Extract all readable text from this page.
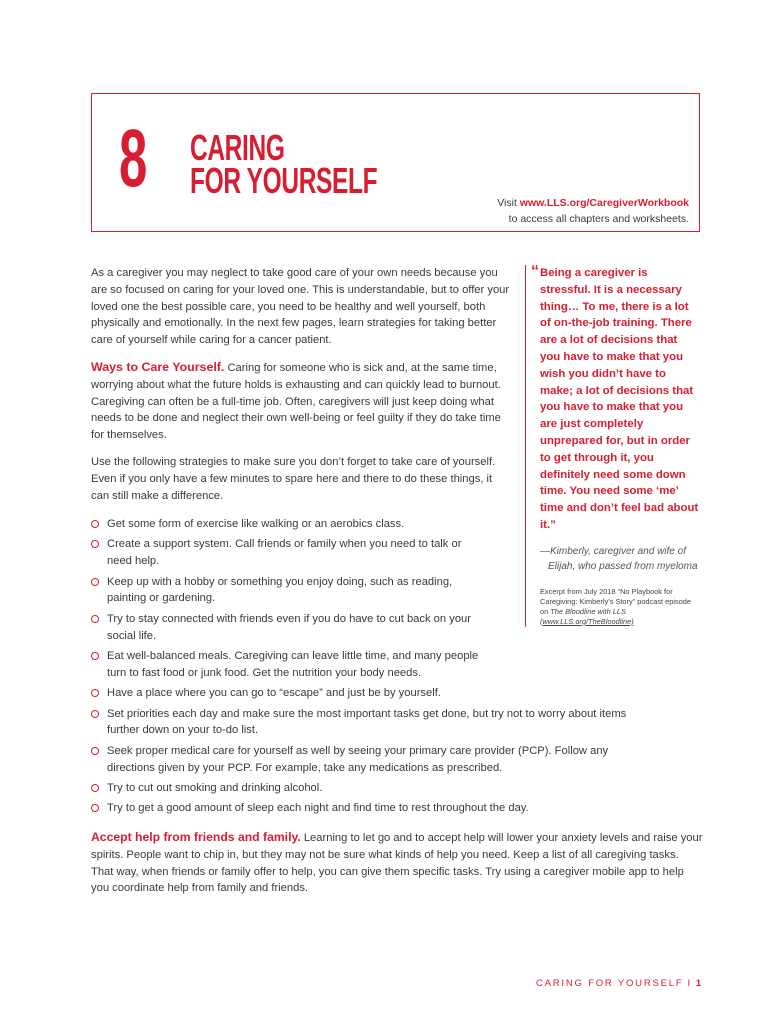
8 CARING
FOR YOURSELF
Visit www.LLS.org/CaregiverWorkbook
to access all chapters and worksheets.

As a caregiver you may neglect to take good care of your own needs because you are so focused on caring for your loved one. This is understandable, but to offer your loved one the best possible care, you need to be healthy and well yourself, both physically and emotionally. In the next few pages, learn strategies for taking better care of yourself while caring for a cancer patient.

Ways to Care Yourself. Caring for someone who is sick and, at the same time, worrying about what the future holds is exhausting and can quickly lead to burnout. Caregiving can often be a full-time job. Often, caregivers will just keep doing what needs to be done and neglect their own well-being or feel guilty if they do take time for themselves.

Use the following strategies to make sure you don’t forget to take care of yourself. Even if you only have a few minutes to spare here and there to do these things, it can still make a difference.

“ Being a caregiver is stressful. It is a necessary thing… To me, there is a lot of on-the-job training. There are a lot of decisions that you have to make that you wish you didn’t have to make; a lot of decisions that you have to make that you are just completely unprepared for, but in order to get through it, you definitely need some down time. You need some ‘me’ time and don’t feel bad about it.”

—Kimberly, caregiver and wife of Elijah, who passed from myeloma
Excerpt from July 2018 “No Playbook for Caregiving: Kimberly’s Story” podcast episode on The Bloodline with LLS
(www.LLS.org/TheBloodline)
Get some form of exercise like walking or an aerobics class.
Create a support system. Call friends or family when you need to talk or need help.
Keep up with a hobby or something you enjoy doing, such as reading, painting or gardening.
Try to stay connected with friends even if you do have to cut back on your social life.
Eat well-balanced meals. Caregiving can leave little time, and many people turn to fast food or junk food. Get the nutrition your body needs.
Have a place where you can go to “escape” and just be by yourself.
Set priorities each day and make sure the most important tasks get done, but try not to worry about items further down on your to-do list.
Seek proper medical care for yourself as well by seeing your primary care provider (PCP). Follow any directions given by your PCP. For example, take any medications as prescribed.
Try to cut out smoking and drinking alcohol.
Try to get a good amount of sleep each night and find time to rest throughout the day.

Accept help from friends and family. Learning to let go and to accept help will lower your anxiety levels and raise your spirits. People want to chip in, but they may not be sure what kinds of help you need. Keep a list of all caregiving tasks. That way, when friends or family offer to help, you can give them specific tasks. Try using a caregiver mobile app to help you coordinate help from family and friends.

CARING FOR YOURSELF I 1
